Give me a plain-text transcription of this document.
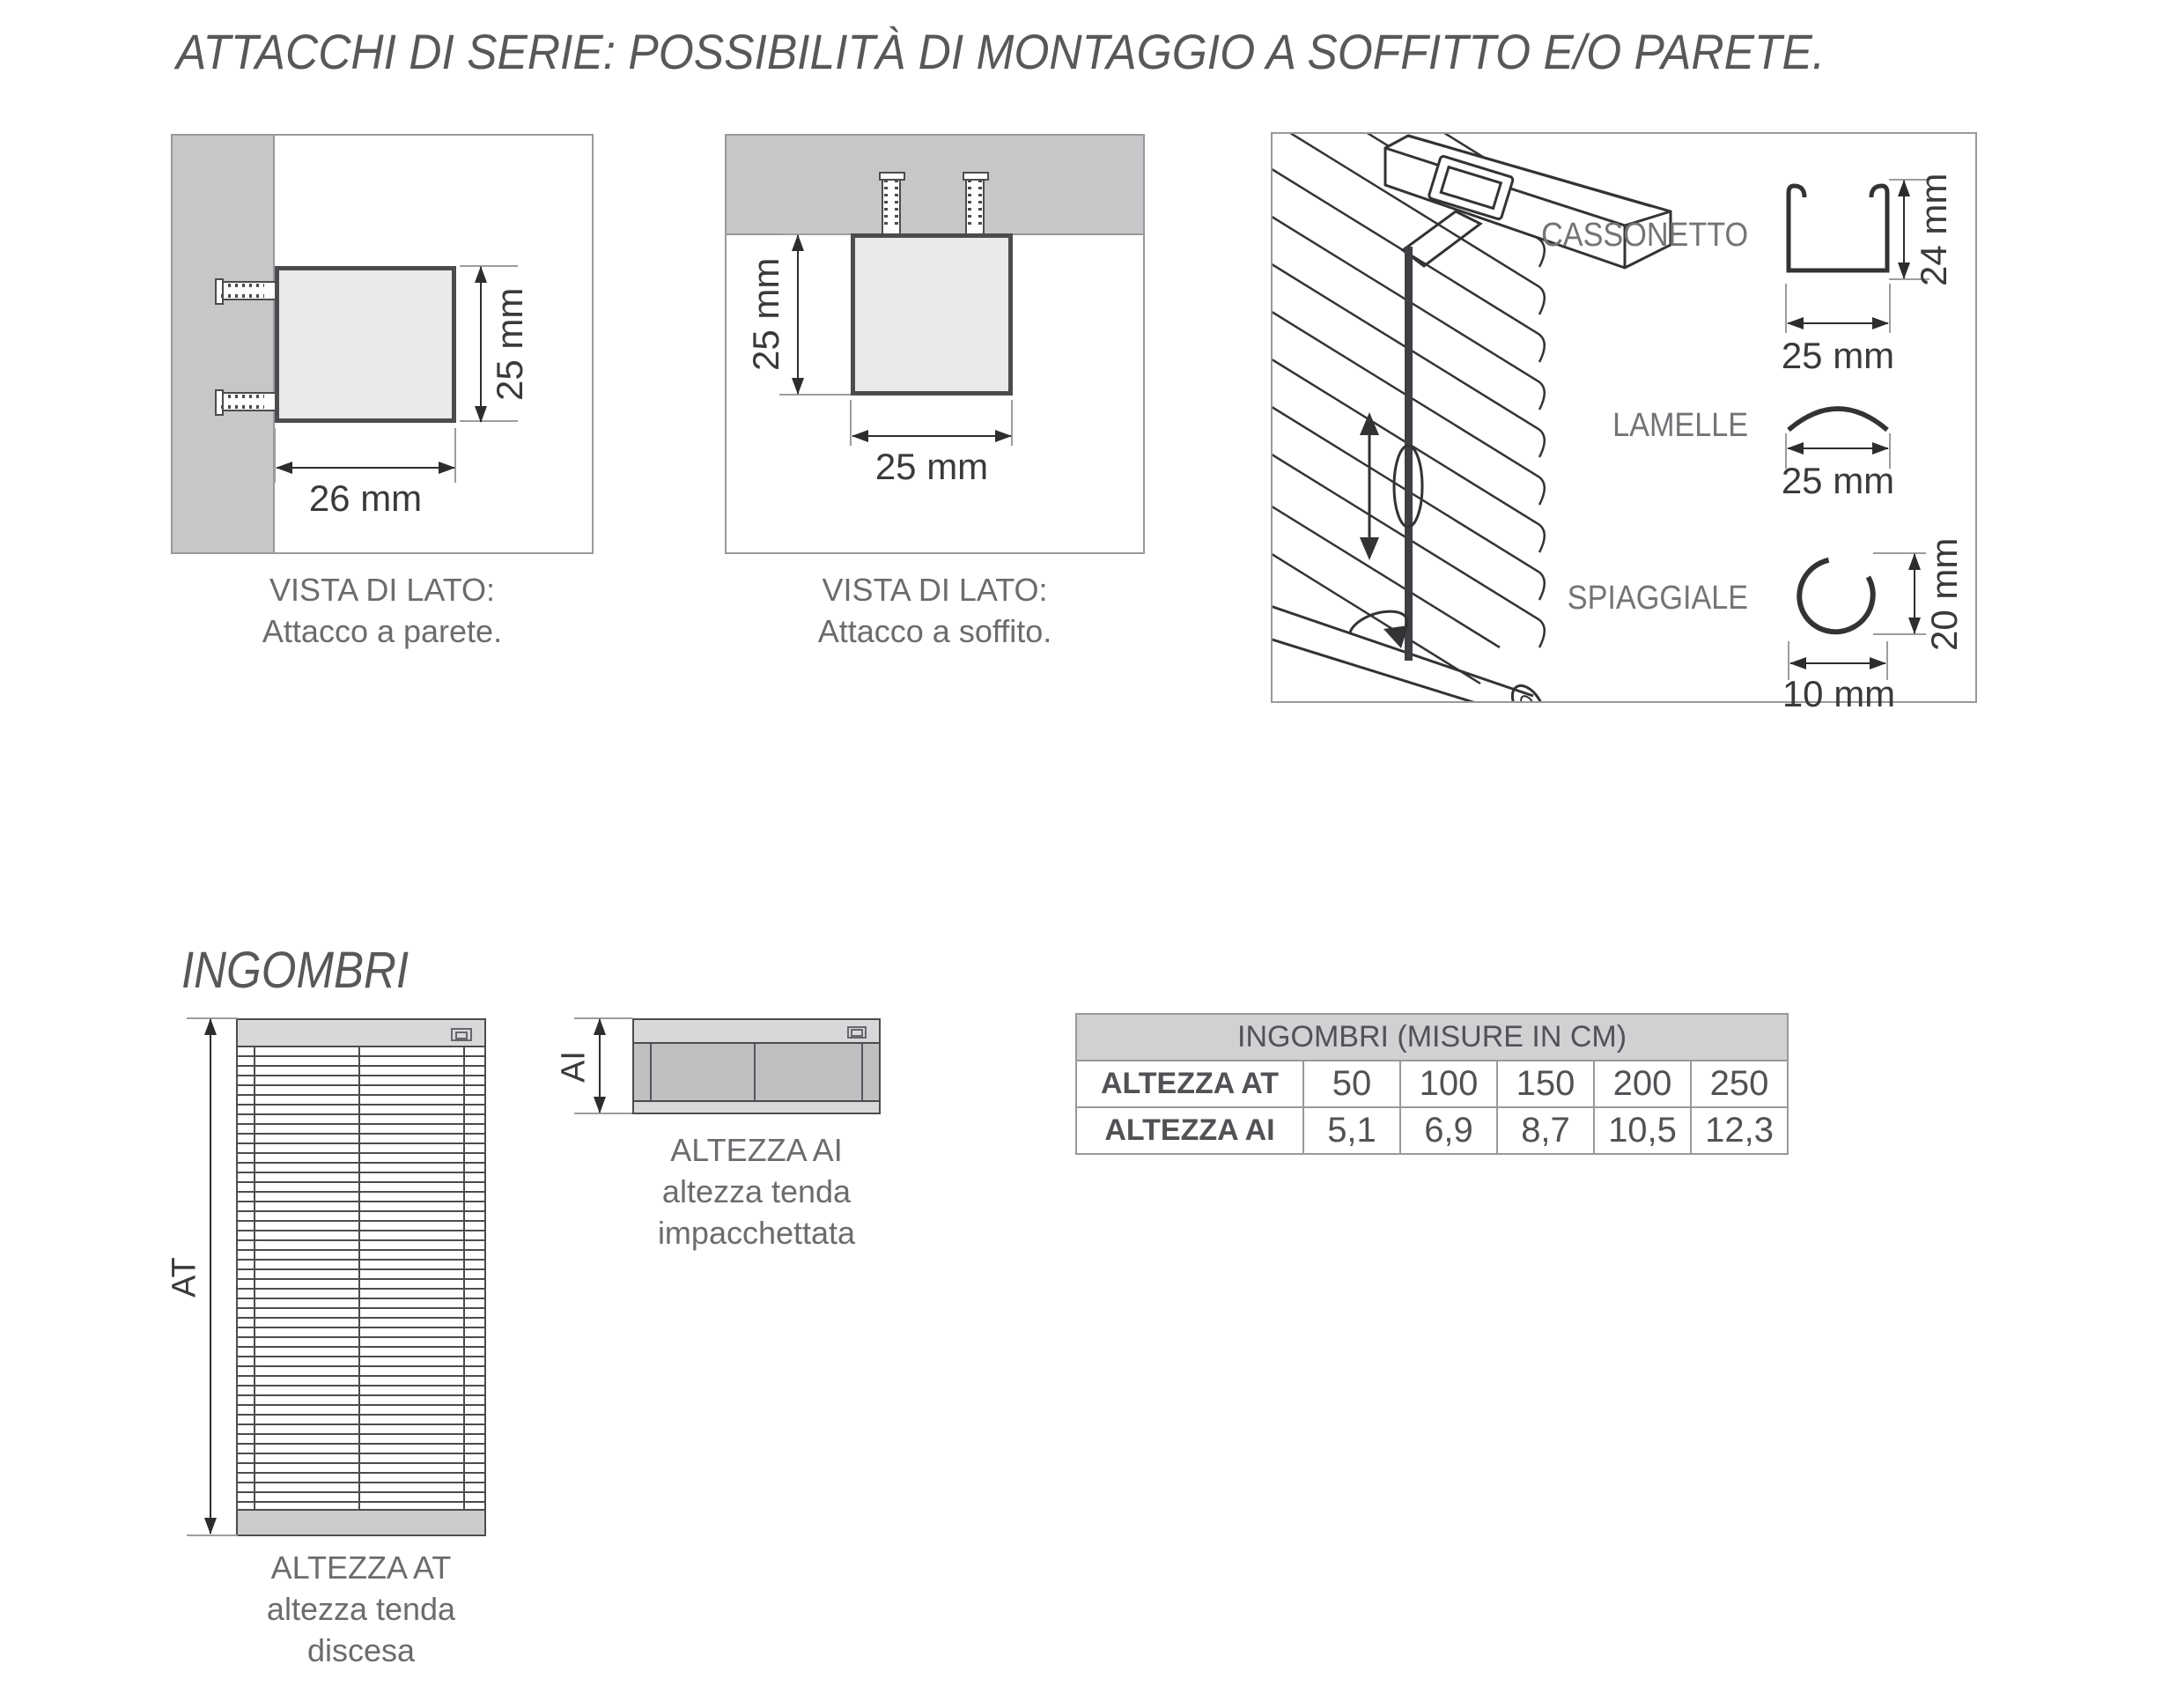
ATTACCHI DI SERIE: POSSIBILITÀ DI MONTAGGIO A SOFFITTO E/O PARETE.
25 mm
26 mm
VISTA DI LATO:
Attacco a parete.
25 mm
25 mm
VISTA DI LATO:
Attacco a soffito.
CASSONETTO	24 mm
25 mm
LAMELLE
25 mm
SPIAGGIALE	20 mm
10 mm
INGOMBRI
AT
ALTEZZA AT
altezza tenda
discesa
AI
ALTEZZA AI
altezza tenda
impacchettata
INGOMBRI (MISURE IN CM)					
ALTEZZA AT	50	100	150	200	250
ALTEZZA AI	5,1	6,9	8,7	10,5	12,3
